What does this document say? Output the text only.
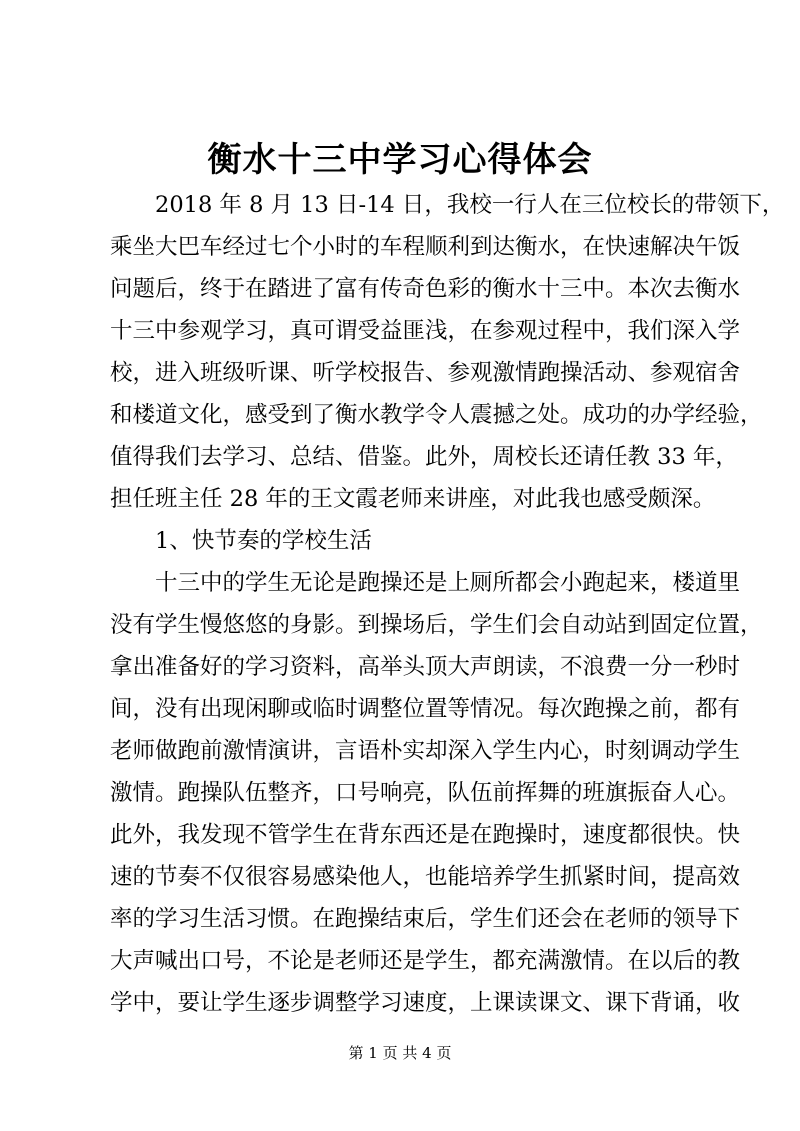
衡水十三中学习心得体会
2018 年 8 月 13 日-14 日，我校一行人在三位校长的带领下，
乘坐大巴车经过七个小时的车程顺利到达衡水，在快速解决午饭
问题后，终于在踏进了富有传奇色彩的衡水十三中。本次去衡水
十三中参观学习，真可谓受益匪浅，在参观过程中，我们深入学
校，进入班级听课、听学校报告、参观激情跑操活动、参观宿舍
和楼道文化，感受到了衡水教学令人震撼之处。成功的办学经验，
值得我们去学习、总结、借鉴。此外，周校长还请任教 33 年，
担任班主任 28 年的王文霞老师来讲座，对此我也感受颇深。
1、快节奏的学校生活
十三中的学生无论是跑操还是上厕所都会小跑起来，楼道里
没有学生慢悠悠的身影。到操场后，学生们会自动站到固定位置，
拿出准备好的学习资料，高举头顶大声朗读，不浪费一分一秒时
间，没有出现闲聊或临时调整位置等情况。每次跑操之前，都有
老师做跑前激情演讲，言语朴实却深入学生内心，时刻调动学生
激情。跑操队伍整齐，口号响亮，队伍前挥舞的班旗振奋人心。
此外，我发现不管学生在背东西还是在跑操时，速度都很快。快
速的节奏不仅很容易感染他人，也能培养学生抓紧时间，提高效
率的学习生活习惯。在跑操结束后，学生们还会在老师的领导下
大声喊出口号，不论是老师还是学生，都充满激情。在以后的教
学中，要让学生逐步调整学习速度，上课读课文、课下背诵，收
第 1 页 共 4 页
